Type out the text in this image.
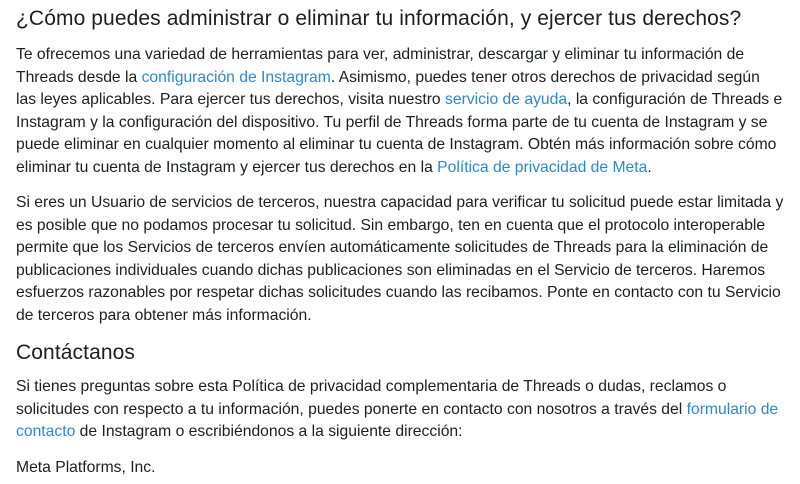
¿Cómo puedes administrar o eliminar tu información, y ejercer tus derechos?

Te ofrecemos una variedad de herramientas para ver, administrar, descargar y eliminar tu información de Threads desde la configuración de Instagram. Asimismo, puedes tener otros derechos de privacidad según las leyes aplicables. Para ejercer tus derechos, visita nuestro servicio de ayuda, la configuración de Threads e Instagram y la configuración del dispositivo. Tu perfil de Threads forma parte de tu cuenta de Instagram y se puede eliminar en cualquier momento al eliminar tu cuenta de Instagram. Obtén más información sobre cómo eliminar tu cuenta de Instagram y ejercer tus derechos en la Política de privacidad de Meta.

Si eres un Usuario de servicios de terceros, nuestra capacidad para verificar tu solicitud puede estar limitada y es posible que no podamos procesar tu solicitud. Sin embargo, ten en cuenta que el protocolo interoperable permite que los Servicios de terceros envíen automáticamente solicitudes de Threads para la eliminación de publicaciones individuales cuando dichas publicaciones son eliminadas en el Servicio de terceros. Haremos esfuerzos razonables por respetar dichas solicitudes cuando las recibamos. Ponte en contacto con tu Servicio de terceros para obtener más información.

Contáctanos

Si tienes preguntas sobre esta Política de privacidad complementaria de Threads o dudas, reclamos o solicitudes con respecto a tu información, puedes ponerte en contacto con nosotros a través del formulario de contacto de Instagram o escribiéndonos a la siguiente dirección:

Meta Platforms, Inc.
